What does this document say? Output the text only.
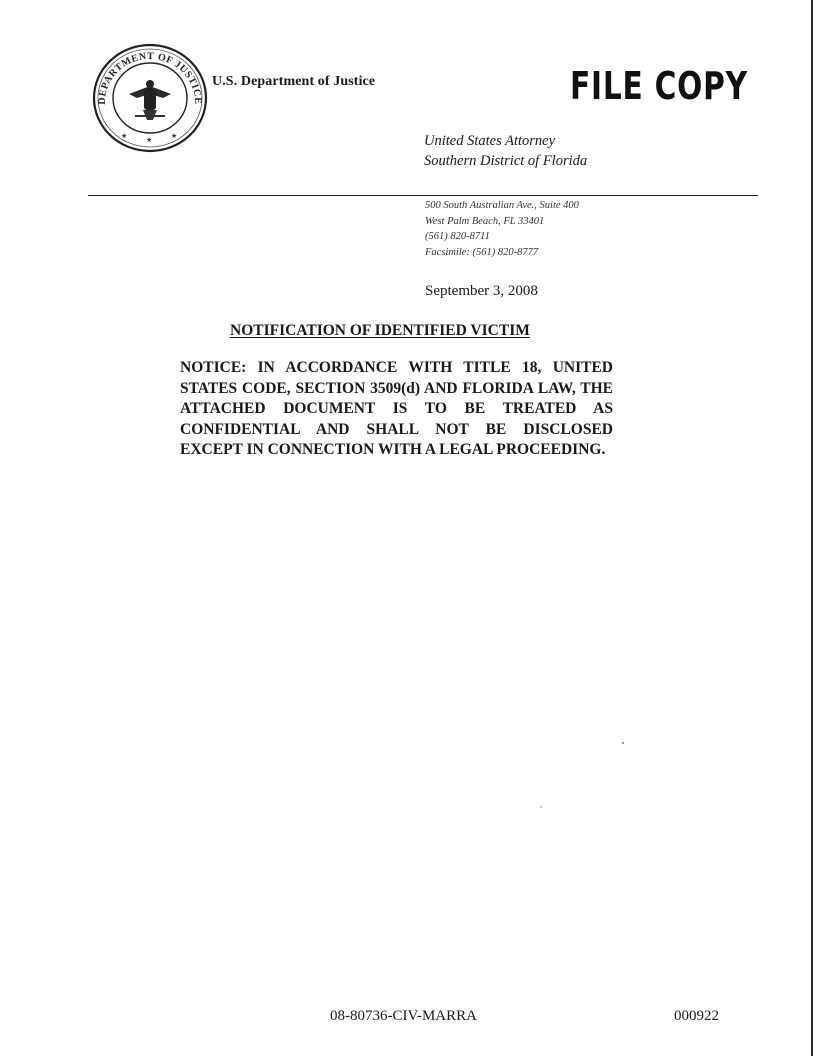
DEPARTMENT OF JUSTICE
★	★	★
U.S. Department of Justice	FILE COPY
United States Attorney
Southern District of Florida
500 South Australian Ave., Suite 400
West Palm Beach, FL 33401
(561) 820-8711
Facsimile: (561) 820-8777
September 3, 2008
NOTIFICATION OF IDENTIFIED VICTIM

NOTICE: IN ACCORDANCE WITH TITLE 18, UNITED STATES CODE, SECTION 3509(d) AND FLORIDA LAW, THE ATTACHED DOCUMENT IS TO BE TREATED AS CONFIDENTIAL AND SHALL NOT BE DISCLOSED EXCEPT IN CONNECTION WITH A LEGAL PROCEEDING.

08-80736-CIV-MARRA	000922
